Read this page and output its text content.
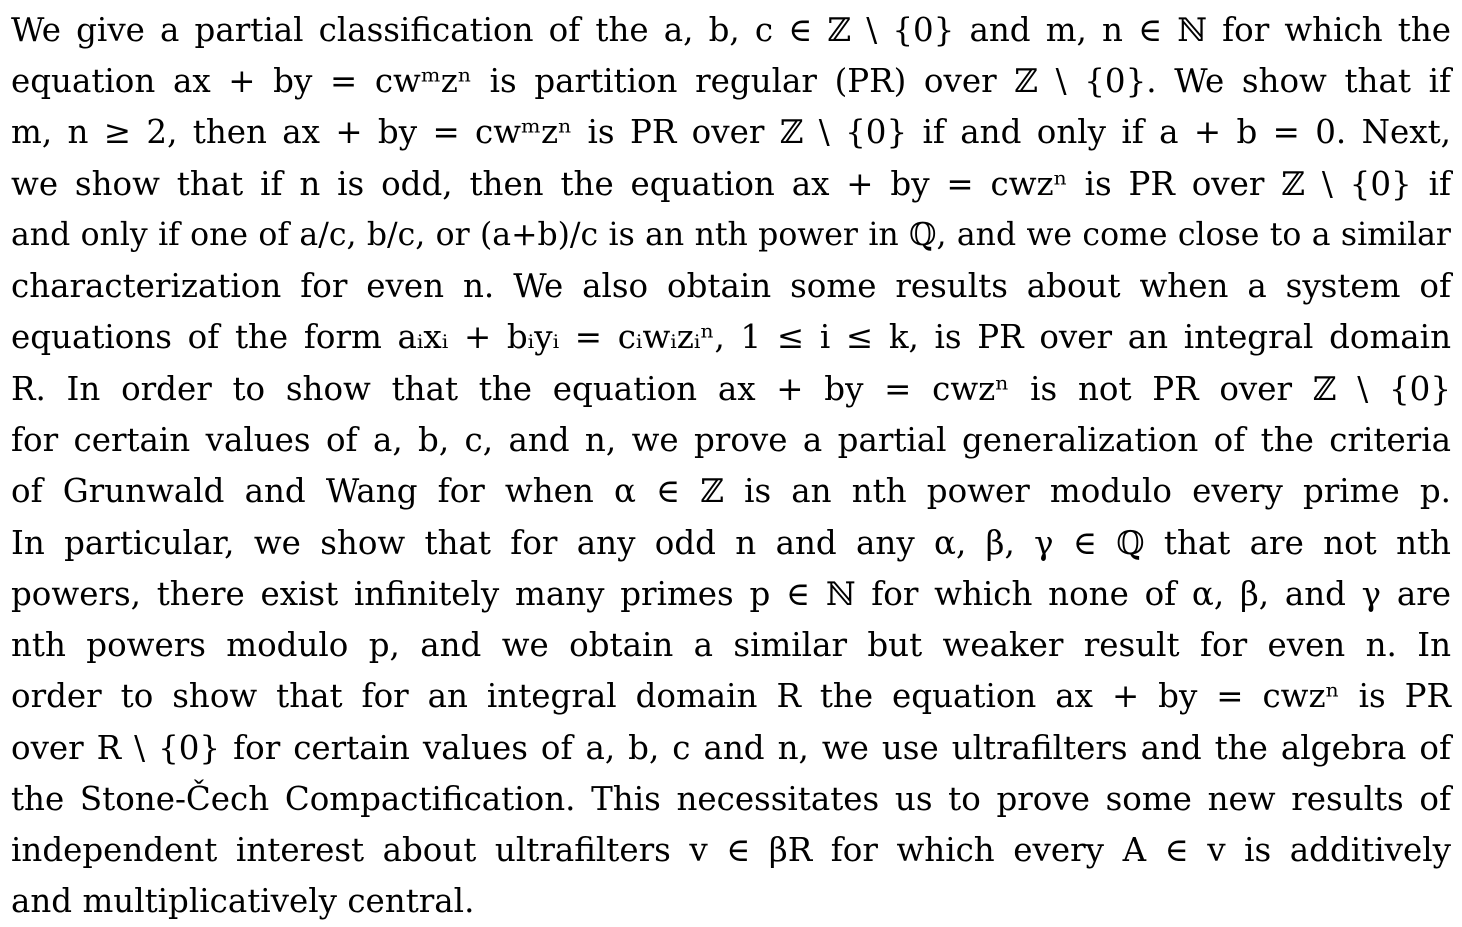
We give a partial classification of the a, b, c ∈ ℤ \ {0} and m, n ∈ ℕ for which the
equation ax + by = cwᵐzⁿ is partition regular (PR) over ℤ \ {0}. We show that if
m, n ≥ 2, then ax + by = cwᵐzⁿ is PR over ℤ \ {0} if and only if a + b = 0. Next,
we show that if n is odd, then the equation ax + by = cwzⁿ is PR over ℤ \ {0} if
and only if one of a/c, b/c, or (a+b)/c is an nth power in ℚ, and we come close to a similar
characterization for even n. We also obtain some results about when a system of
equations of the form aᵢxᵢ + bᵢyᵢ = cᵢwᵢzᵢⁿ, 1 ≤ i ≤ k, is PR over an integral domain
R. In order to show that the equation ax + by = cwzⁿ is not PR over ℤ \ {0}
for certain values of a, b, c, and n, we prove a partial generalization of the criteria
of Grunwald and Wang for when α ∈ ℤ is an nth power modulo every prime p.
In particular, we show that for any odd n and any α, β, γ ∈ ℚ that are not nth
powers, there exist infinitely many primes p ∈ ℕ for which none of α, β, and γ are
nth powers modulo p, and we obtain a similar but weaker result for even n. In
order to show that for an integral domain R the equation ax + by = cwzⁿ is PR
over R \ {0} for certain values of a, b, c and n, we use ultrafilters and the algebra of
the Stone-Čech Compactification. This necessitates us to prove some new results of
independent interest about ultrafilters v ∈ βR for which every A ∈ v is additively
and multiplicatively central.
